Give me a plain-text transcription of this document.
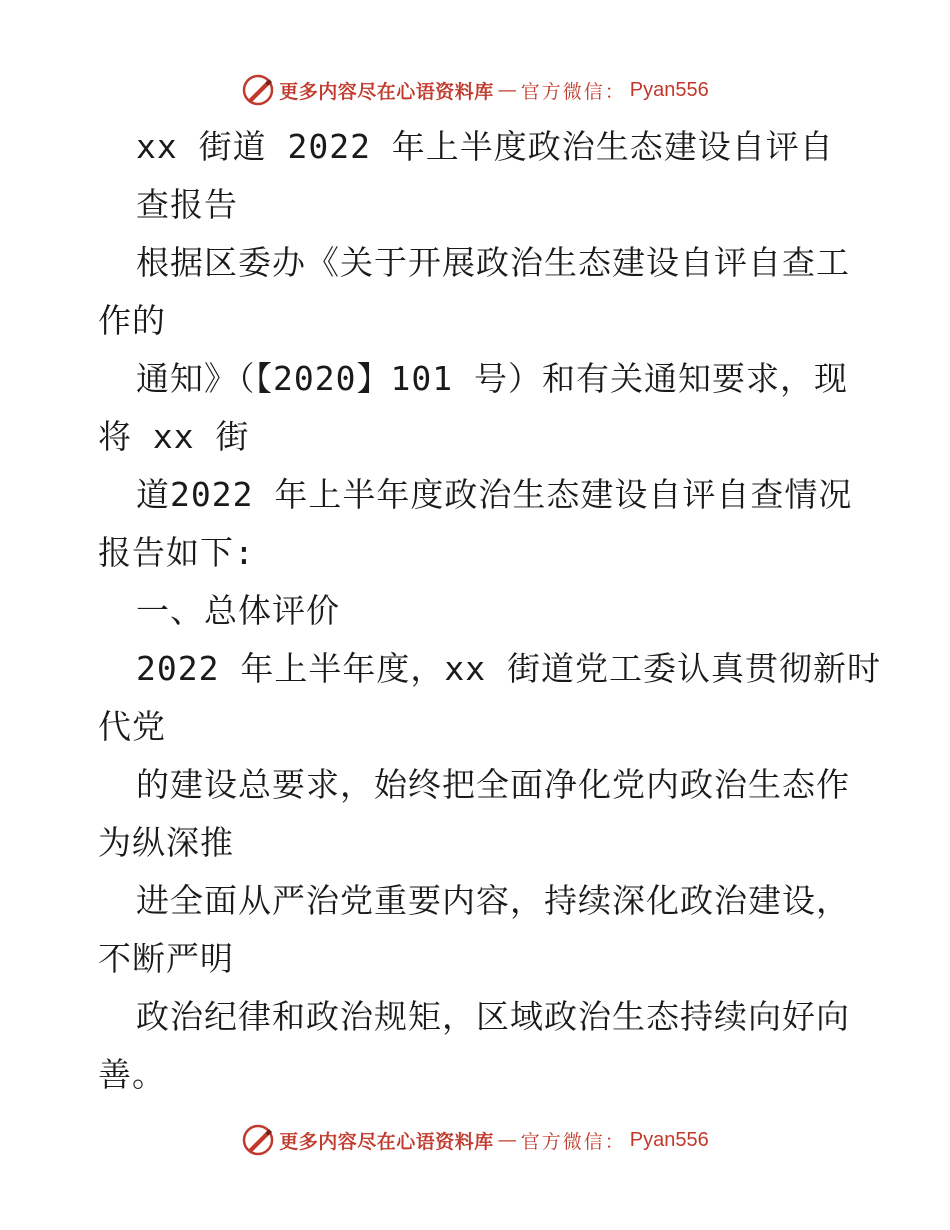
更多内容尽在心语资料库 — 官方微信： Pyan556
xx 街道 2022 年上半度政治生态建设自评自
查报告
根据区委办《关于开展政治生态建设自评自查工
作的
通知》（【2020】101 号）和有关通知要求，现
将 xx 街
道2022 年上半年度政治生态建设自评自查情况
报告如下:
一、总体评价
2022 年上半年度，xx 街道党工委认真贯彻新时
代党
的建设总要求，始终把全面净化党内政治生态作
为纵深推
进全面从严治党重要内容，持续深化政治建设，
不断严明
政治纪律和政治规矩，区域政治生态持续向好向
善。
更多内容尽在心语资料库 — 官方微信： Pyan556
